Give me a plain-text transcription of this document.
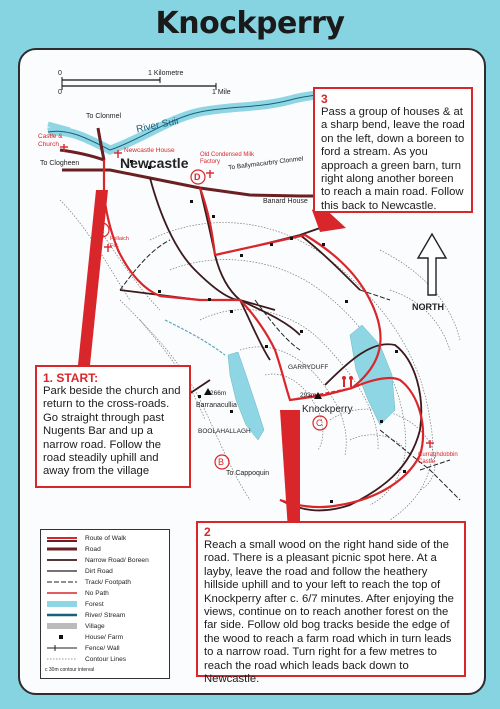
Knockperry
0	1 Kilometre
0	1 Mile
Newcastle
River Suir
To Clonmel
To Clogheen
Castle & Church
Newcastle House
Old Condensed Milk Factory	To Ballymacarbry Clonmel
Banard House
Follaich Fst.
GARRYDUFF
Barranacullia
266m	293m
Knockperry
BOOLAHALLAGH
To Cappoquin
Curraghdobbin Castle
NORTH
A
B
C
D

3

Pass a group of houses & at a sharp bend, leave the road on the left, down a boreen to ford a stream. As you approach a green barn, turn right along another boreen to reach a main road. Follow this back to Newcastle.

1. START:

Park beside the church and return to the cross-roads. Go straight through past Nugents Bar and up a narrow road. Follow the road steadily uphill and away from the village

2

Reach a small wood on the right hand side of the road. There is a pleasant picnic spot here. At a layby, leave the road and follow the heathery hillside uphill and to your left to reach the top of Knockperry after c. 6/7 minutes. After enjoying the views, continue on to reach another forest on the far side. Follow old bog tracks beside the edge of the wood to reach a farm road which in turn leads to a narrow road. Turn right for a few metres to reach the road which leads back down to Newcastle.

Route of Walk
Road
Narrow Road/ Boreen
Dirt Road
Track/ Footpath
No Path
Forest
River/ Stream
Village
House/ Farm
Fence/ Wall
Contour Lines
c 30m contour interval
